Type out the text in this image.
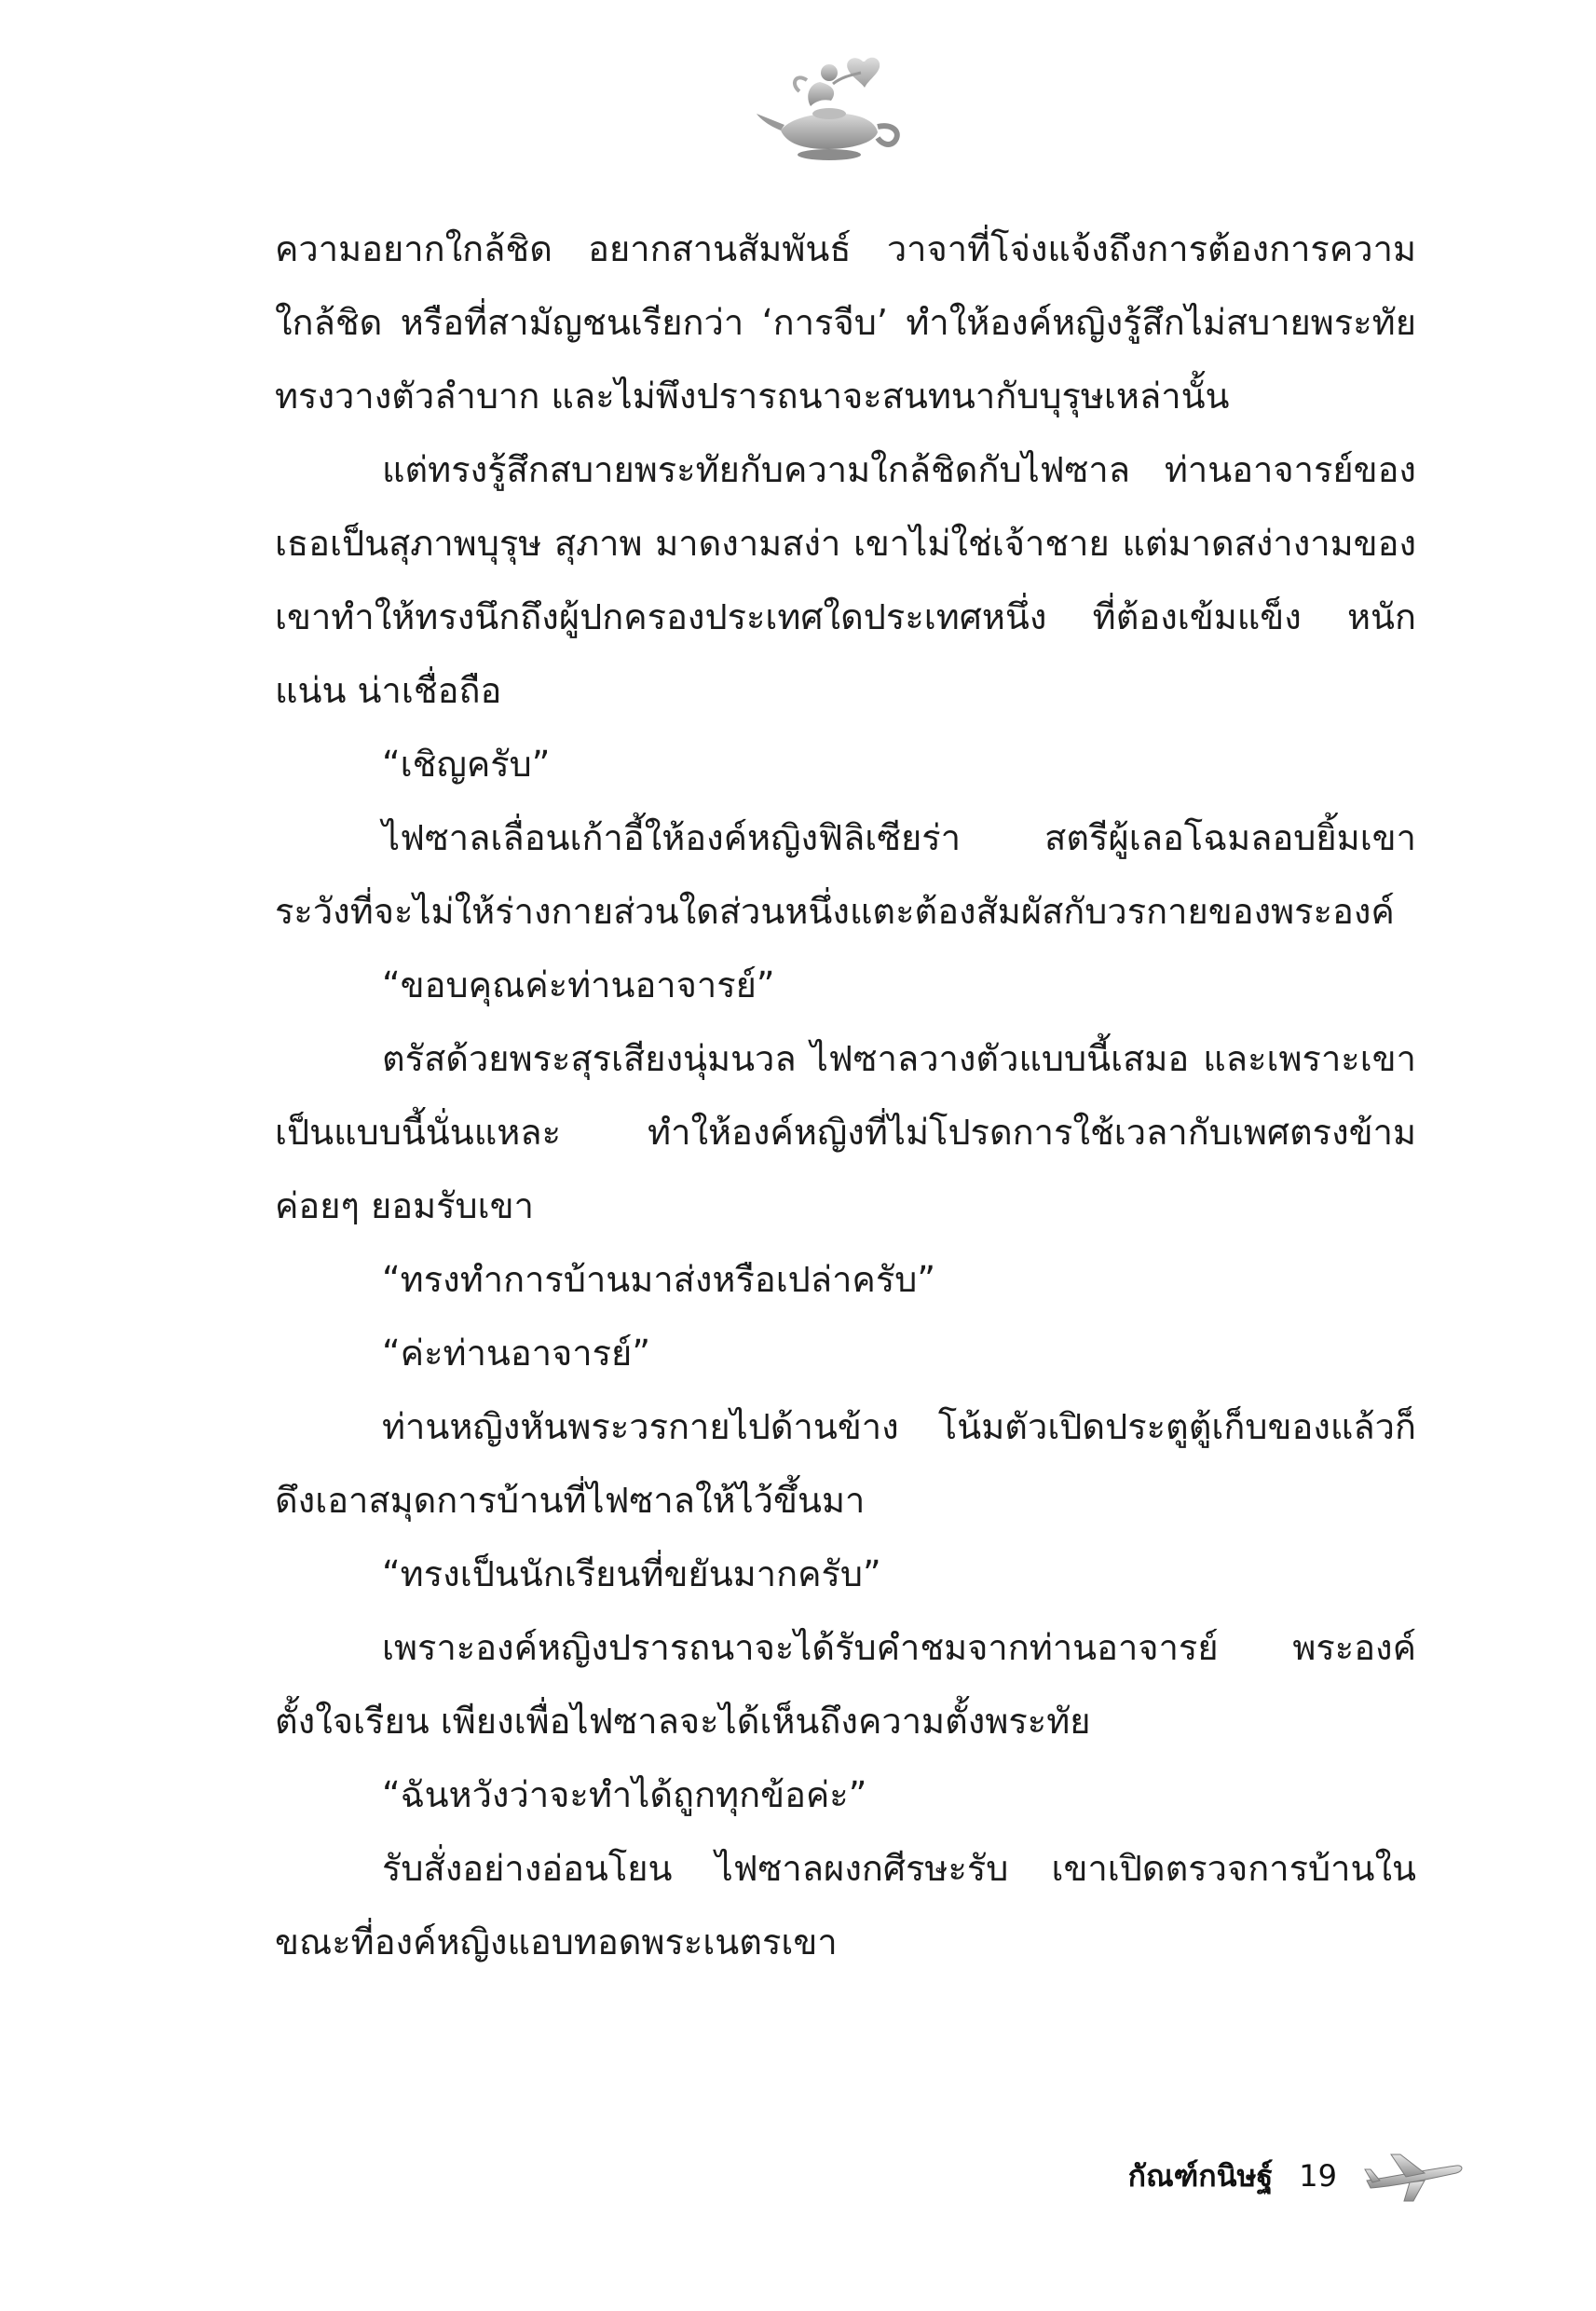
ความอยากใกล้ชิด อยากสานสัมพันธ์ วาจาที่โจ่งแจ้งถึงการต้องการความใกล้ชิด หรือที่สามัญชนเรียกว่า ‘การจีบ’ ทำให้องค์หญิงรู้สึกไม่สบายพระทัย ทรงวางตัวลำบาก และไม่พึงปรารถนาจะสนทนากับบุรุษเหล่านั้น

แต่ทรงรู้สึกสบายพระทัยกับความใกล้ชิดกับไฟซาล ท่านอาจารย์ของเธอเป็นสุภาพบุรุษ สุภาพ มาดงามสง่า เขาไม่ใช่เจ้าชาย แต่มาดสง่างามของเขาทำให้ทรงนึกถึงผู้ปกครองประเทศใดประเทศหนึ่ง ที่ต้องเข้มแข็ง หนักแน่น น่าเชื่อถือ

“เชิญครับ”

ไฟซาลเลื่อนเก้าอี้ให้องค์หญิงฟิลิเซียร่า สตรีผู้เลอโฉมลอบยิ้มเขาระวังที่จะไม่ให้ร่างกายส่วนใดส่วนหนึ่งแตะต้องสัมผัสกับวรกายของพระองค์

“ขอบคุณค่ะท่านอาจารย์”

ตรัสด้วยพระสุรเสียงนุ่มนวล ไฟซาลวางตัวแบบนี้เสมอ และเพราะเขาเป็นแบบนี้นั่นแหละ ทำให้องค์หญิงที่ไม่โปรดการใช้เวลากับเพศตรงข้ามค่อยๆ ยอมรับเขา

“ทรงทำการบ้านมาส่งหรือเปล่าครับ”

“ค่ะท่านอาจารย์”

ท่านหญิงหันพระวรกายไปด้านข้าง โน้มตัวเปิดประตูตู้เก็บของแล้วก็ดึงเอาสมุดการบ้านที่ไฟซาลให้ไว้ขึ้นมา

“ทรงเป็นนักเรียนที่ขยันมากครับ”

เพราะองค์หญิงปรารถนาจะได้รับคำชมจากท่านอาจารย์ พระองค์ตั้งใจเรียน เพียงเพื่อไฟซาลจะได้เห็นถึงความตั้งพระทัย

“ฉันหวังว่าจะทำได้ถูกทุกข้อค่ะ”

รับสั่งอย่างอ่อนโยน ไฟซาลผงกศีรษะรับ เขาเปิดตรวจการบ้านในขณะที่องค์หญิงแอบทอดพระเนตรเขา

กัณฑ์กนิษฐ์ 19
